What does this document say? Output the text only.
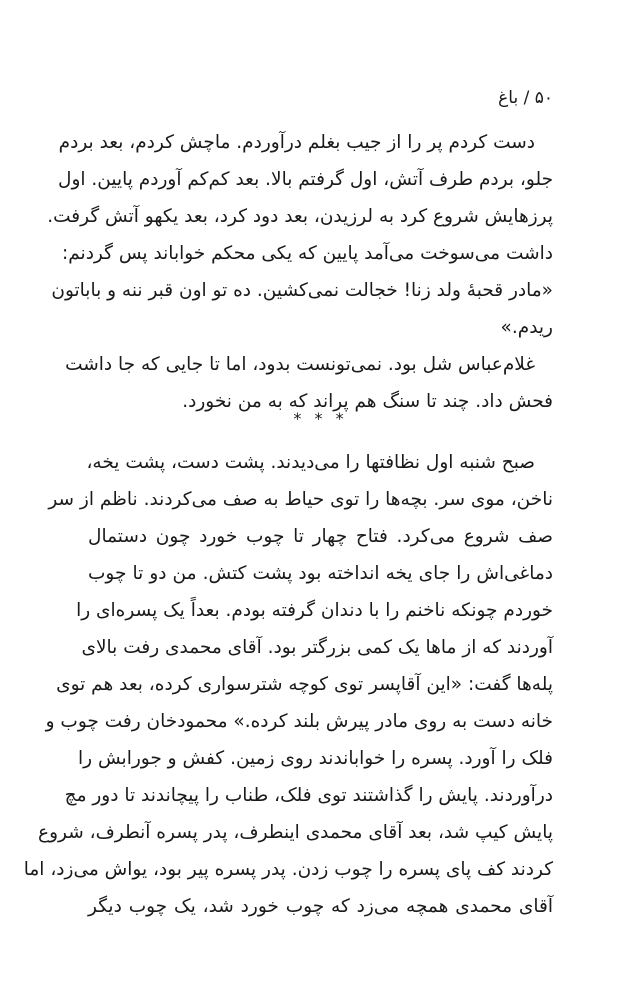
۵۰ / باغ
دست کردم پر را از جیب بغلم درآوردم. ماچش کردم، بعد بردم
جلو، بردم طرف آتش، اول گرفتم بالا. بعد کم‌کم آوردم پایین. اول
پرزهایش شروع کرد به لرزیدن، بعد دود کرد، بعد یکهو آتش گرفت.
داشت می‌سوخت می‌آمد پایین که یکی محکم خواباند پس گردنم:
«مادر قحبهٔ ولد زنا! خجالت نمی‌کشین. ده تو اون قبر ننه و باباتون
ریدم.»
غلام‌عباس شل بود. نمی‌تونست بدود، اما تا جایی که جا داشت
فحش داد. چند تا سنگ هم پراند که به من نخورد.
* * *
صبح شنبه اول نظافتها را می‌دیدند. پشت دست، پشت یخه،
ناخن، موی سر. بچه‌ها را توی حیاط به صف می‌کردند. ناظم از سر
صف شروع می‌کرد. فتاح چهار تا چوب خورد چون دستمال
دماغی‌اش را جای یخه انداخته بود پشت کتش. من دو تا چوب
خوردم چونکه ناخنم را با دندان گرفته بودم. بعداً یک پسره‌ای را
آوردند که از ماها یک کمی بزرگتر بود. آقای محمدی رفت بالای
پله‌ها گفت: «این آقاپسر توی کوچه شترسواری کرده، بعد هم توی
خانه دست به روی مادر پیرش بلند کرده.» محمودخان رفت چوب و
فلک را آورد. پسره را خواباندند روی زمین. کفش و جورابش را
درآوردند. پایش را گذاشتند توی فلک، طناب را پیچاندند تا دور مچ
پایش کیپ شد، بعد آقای محمدی اینطرف، پدر پسره آنطرف، شروع
کردند کف پای پسره را چوب زدن. پدر پسره پیر بود، یواش می‌زد، اما
آقای محمدی همچه می‌زد که چوب خورد شد، یک چوب دیگر
